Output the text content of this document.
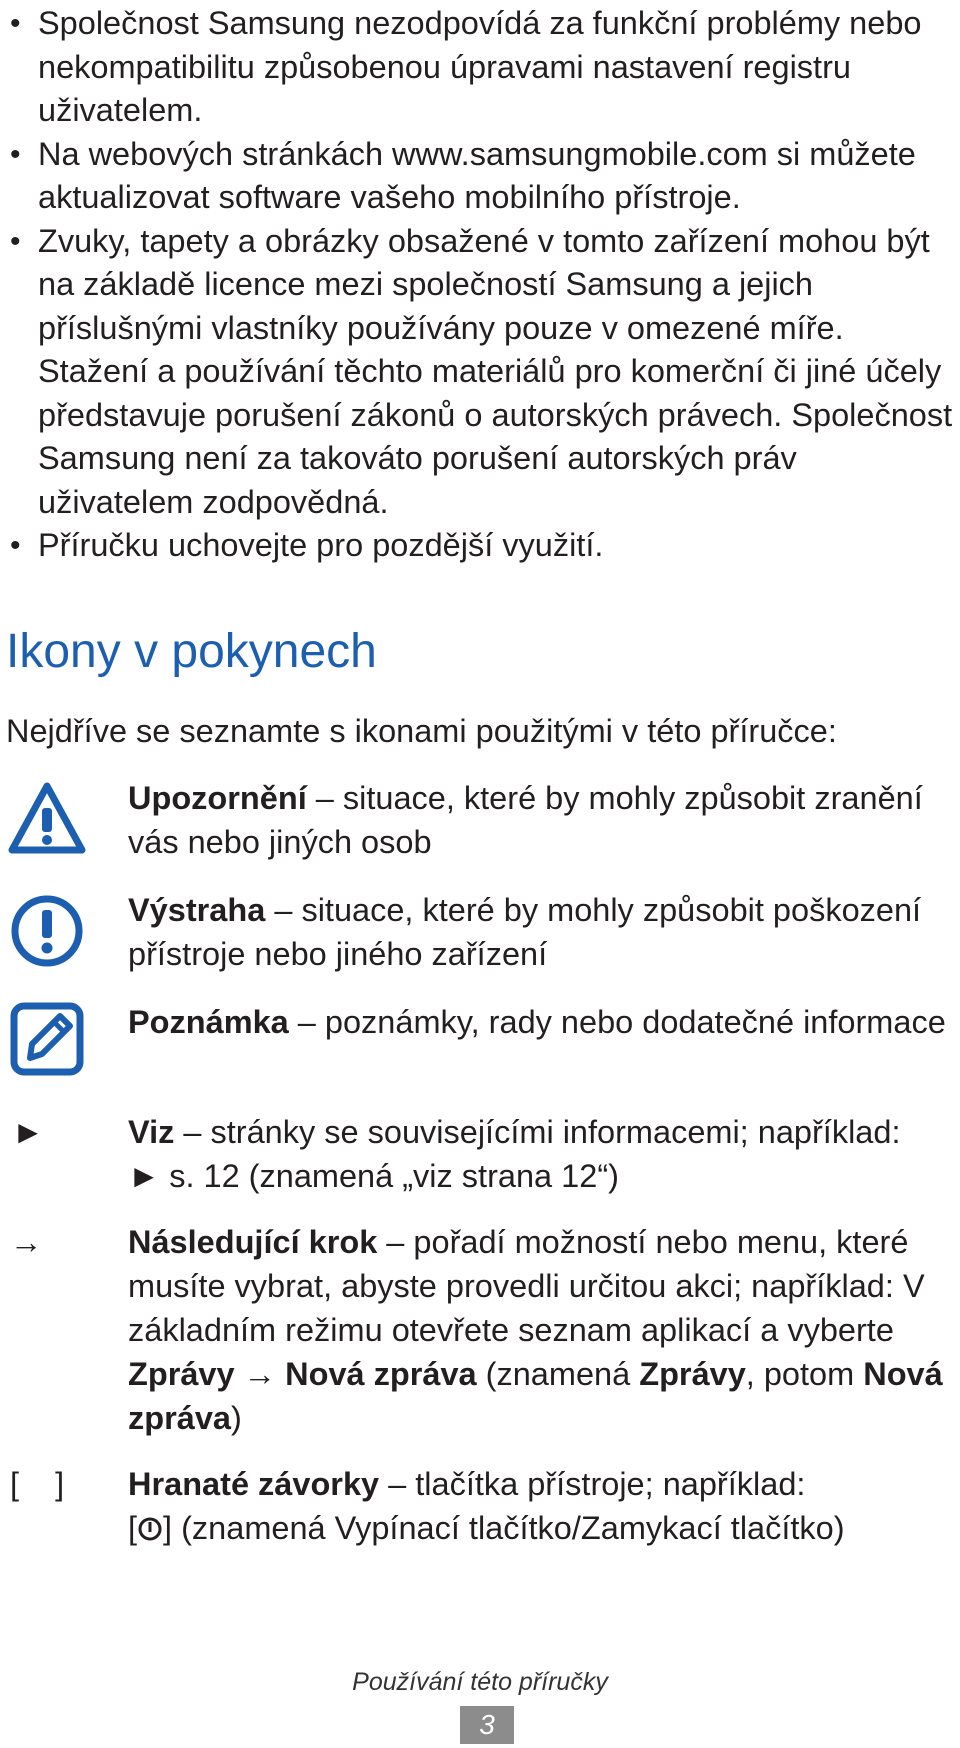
• Společnost Samsung nezodpovídá za funkční problémy nebo nekompatibilitu způsobenou úpravami nastavení registru uživatelem.
• Na webových stránkách www.samsungmobile.com si můžete aktualizovat software vašeho mobilního přístroje.
• Zvuky, tapety a obrázky obsažené v tomto zařízení mohou být na základě licence mezi společností Samsung a jejich příslušnými vlastníky používány pouze v omezené míře. Stažení a používání těchto materiálů pro komerční či jiné účely představuje porušení zákonů o autorských právech. Společnost Samsung není za takováto porušení autorských práv uživatelem zodpovědná.
• Příručku uchovejte pro pozdější využití.
Ikony v pokynech

Nejdříve se seznamte s ikonami použitými v této příručce:

Upozornění – situace, které by mohly způsobit zranění vás nebo jiných osob

Výstraha – situace, které by mohly způsobit poškození přístroje nebo jiného zařízení

Poznámka – poznámky, rady nebo dodatečné informace

►	Viz – stránky se souvisejícími informacemi; například:
► s. 12 (znamená „viz strana 12“)

→	Následující krok – pořadí možností nebo menu, které musíte vybrat, abyste provedli určitou akci; například: V základním režimu otevřete seznam aplikací a vyberte Zprávy → Nová zpráva (znamená Zprávy, potom Nová zpráva)

[    ] Hranaté závorky – tlačítka přístroje; například:
[ ] (znamená Vypínací tlačítko/Zamykací tlačítko)

Používání této příručky
3
